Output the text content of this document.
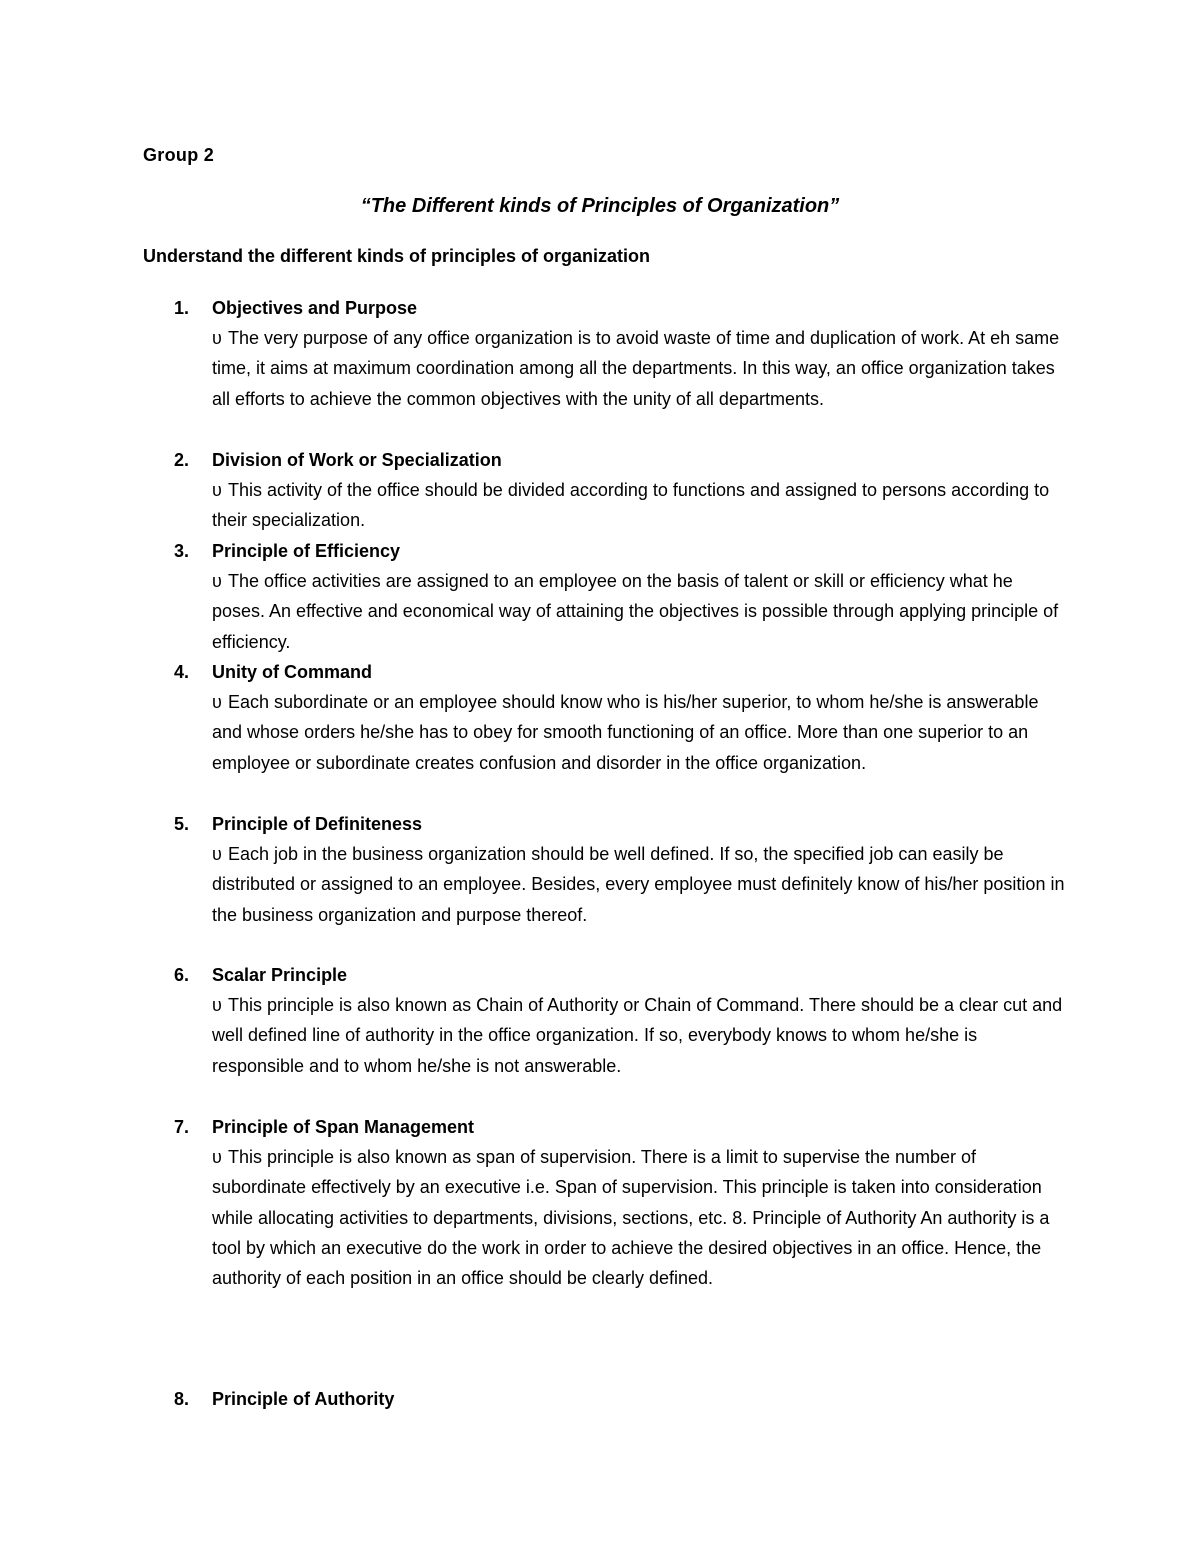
Group 2
“The Different kinds of Principles of Organization”
Understand the different kinds of principles of organization
1. Objectives and Purpose
υ The very purpose of any office organization is to avoid waste of time and duplication of work. At eh same time, it aims at maximum coordination among all the departments. In this way, an office organization takes all efforts to achieve the common objectives with the unity of all departments.
2. Division of Work or Specialization
υ This activity of the office should be divided according to functions and assigned to persons according to their specialization.
3. Principle of Efficiency
υ The office activities are assigned to an employee on the basis of talent or skill or efficiency what he poses. An effective and economical way of attaining the objectives is possible through applying principle of efficiency.
4. Unity of Command
υ Each subordinate or an employee should know who is his/her superior, to whom he/she is answerable and whose orders he/she has to obey for smooth functioning of an office. More than one superior to an employee or subordinate creates confusion and disorder in the office organization.
5. Principle of Definiteness
υ Each job in the business organization should be well defined. If so, the specified job can easily be distributed or assigned to an employee. Besides, every employee must definitely know of his/her position in the business organization and purpose thereof.
6. Scalar Principle
υ This principle is also known as Chain of Authority or Chain of Command. There should be a clear cut and well defined line of authority in the office organization. If so, everybody knows to whom he/she is responsible and to whom he/she is not answerable.
7. Principle of Span Management
υ This principle is also known as span of supervision. There is a limit to supervise the number of subordinate effectively by an executive i.e. Span of supervision. This principle is taken into consideration while allocating activities to departments, divisions, sections, etc. 8. Principle of Authority An authority is a tool by which an executive do the work in order to achieve the desired objectives in an office. Hence, the authority of each position in an office should be clearly defined.
8. Principle of Authority
